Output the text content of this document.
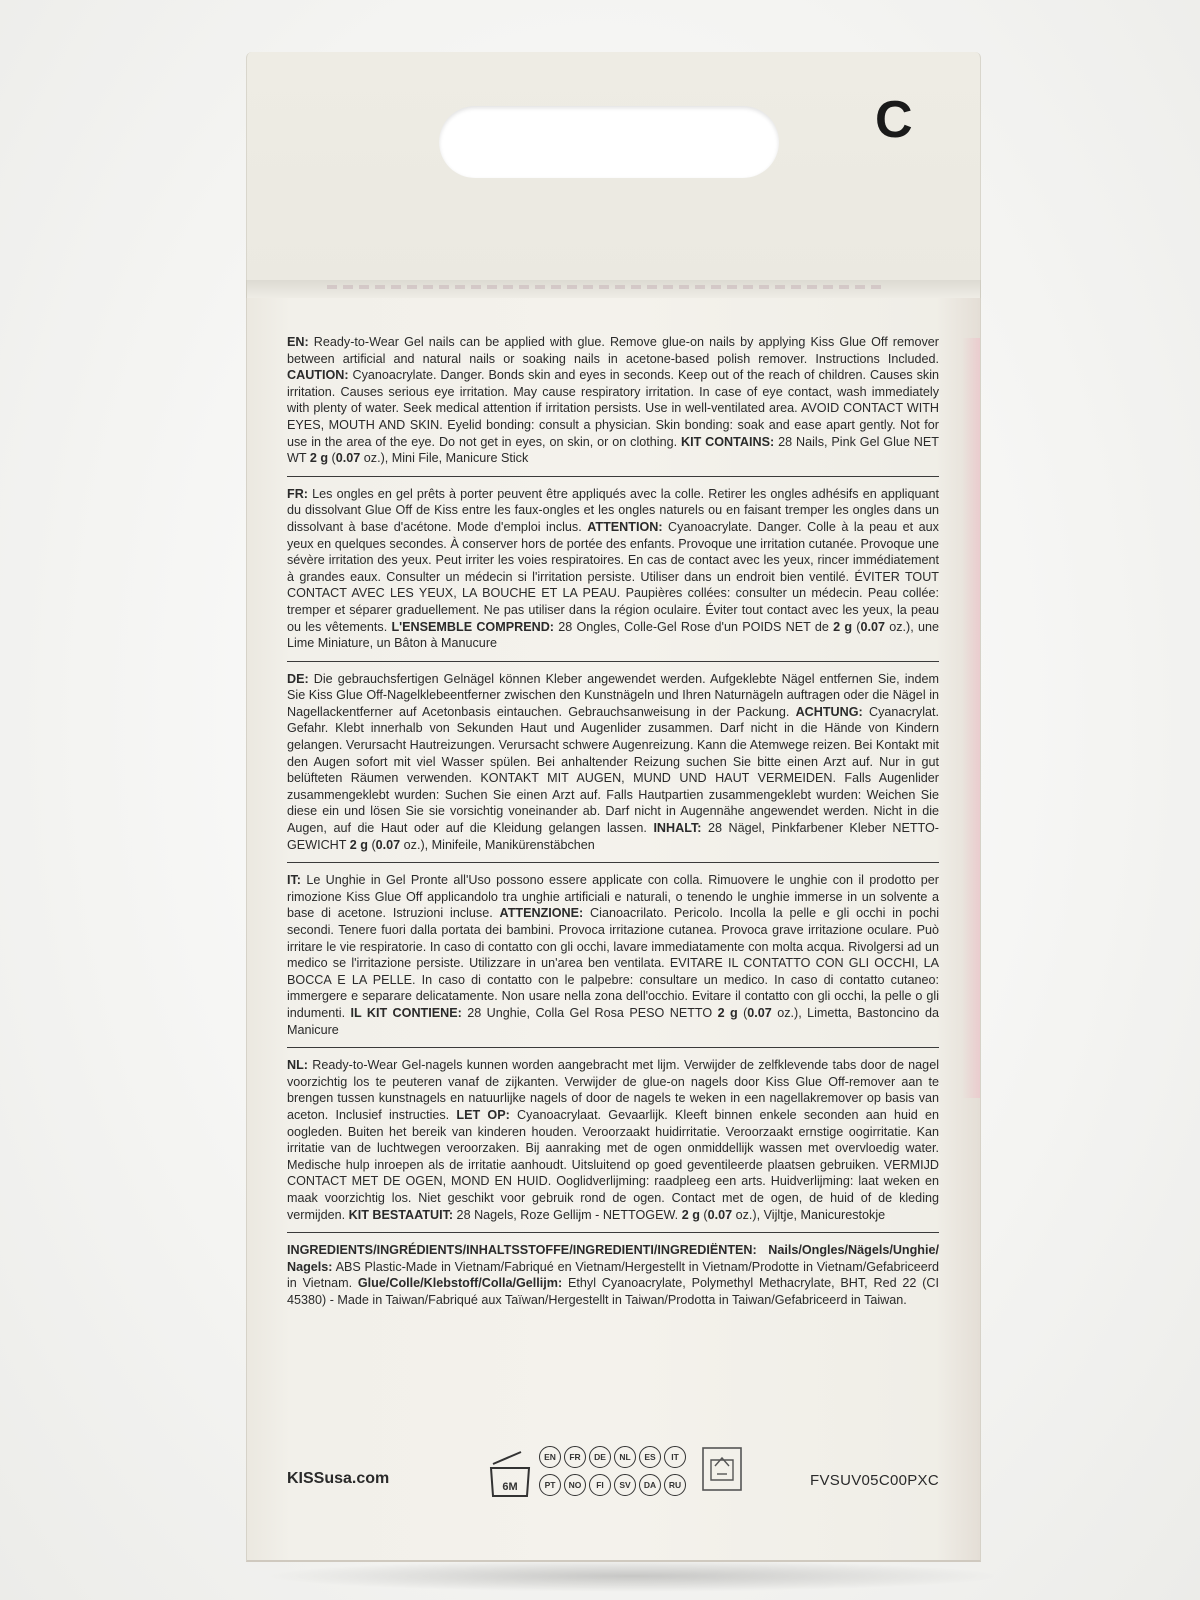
C
EN: Ready-to-Wear Gel nails can be applied with glue. Remove glue-on nails by applying Kiss Glue Off remover between artificial and natural nails or soaking nails in acetone-based polish remover. Instructions Included. CAUTION: Cyanoacrylate. Danger. Bonds skin and eyes in seconds. Keep out of the reach of children. Causes skin irritation. Causes serious eye irritation. May cause respiratory irritation. In case of eye contact, wash immediately with plenty of water. Seek medical attention if irritation persists. Use in well-ventilated area. AVOID CONTACT WITH EYES, MOUTH AND SKIN. Eyelid bonding: consult a physician. Skin bonding: soak and ease apart gently. Not for use in the area of the eye. Do not get in eyes, on skin, or on clothing. KIT CONTAINS: 28 Nails, Pink Gel Glue NET WT 2 g (0.07 oz.), Mini File, Manicure Stick
FR: Les ongles en gel prêts à porter peuvent être appliqués avec la colle. Retirer les ongles adhésifs en appliquant du dissolvant Glue Off de Kiss entre les faux-ongles et les ongles naturels ou en faisant tremper les ongles dans un dissolvant à base d'acétone. Mode d'emploi inclus. ATTENTION: Cyanoacrylate. Danger. Colle à la peau et aux yeux en quelques secondes. À conserver hors de portée des enfants. Provoque une irritation cutanée. Provoque une sévère irritation des yeux. Peut irriter les voies respiratoires. En cas de contact avec les yeux, rincer immédiatement à grandes eaux. Consulter un médecin si l'irritation persiste. Utiliser dans un endroit bien ventilé. ÉVITER TOUT CONTACT AVEC LES YEUX, LA BOUCHE ET LA PEAU. Paupières collées: consulter un médecin. Peau collée: tremper et séparer graduellement. Ne pas utiliser dans la région oculaire. Éviter tout contact avec les yeux, la peau ou les vêtements. L'ENSEMBLE COMPREND: 28 Ongles, Colle-Gel Rose d'un POIDS NET de 2 g (0.07 oz.), une Lime Miniature, un Bâton à Manucure
DE: Die gebrauchsfertigen Gelnägel können Kleber angewendet werden. Aufgeklebte Nägel entfernen Sie, indem Sie Kiss Glue Off-Nagelklebeentferner zwischen den Kunstnägeln und Ihren Naturnägeln auftragen oder die Nägel in Nagellackentferner auf Acetonbasis eintauchen. Gebrauchsanweisung in der Packung. ACHTUNG: Cyanacrylat. Gefahr. Klebt innerhalb von Sekunden Haut und Augenlider zusammen. Darf nicht in die Hände von Kindern gelangen. Verursacht Hautreizungen. Verursacht schwere Augenreizung. Kann die Atemwege reizen. Bei Kontakt mit den Augen sofort mit viel Wasser spülen. Bei anhaltender Reizung suchen Sie bitte einen Arzt auf. Nur in gut belüfteten Räumen verwenden. KONTAKT MIT AUGEN, MUND UND HAUT VERMEIDEN. Falls Augenlider zusammengeklebt wurden: Suchen Sie einen Arzt auf. Falls Hautpartien zusammengeklebt wurden: Weichen Sie diese ein und lösen Sie sie vorsichtig voneinander ab. Darf nicht in Augennähe angewendet werden. Nicht in die Augen, auf die Haut oder auf die Kleidung gelangen lassen. INHALT: 28 Nägel, Pinkfarbener Kleber NETTO-GEWICHT 2 g (0.07 oz.), Minifeile, Manikürenstäbchen
IT: Le Unghie in Gel Pronte all'Uso possono essere applicate con colla. Rimuovere le unghie con il prodotto per rimozione Kiss Glue Off applicandolo tra unghie artificiali e naturali, o tenendo le unghie immerse in un solvente a base di acetone. Istruzioni incluse. ATTENZIONE: Cianoacrilato. Pericolo. Incolla la pelle e gli occhi in pochi secondi. Tenere fuori dalla portata dei bambini. Provoca irritazione cutanea. Provoca grave irritazione oculare. Può irritare le vie respiratorie. In caso di contatto con gli occhi, lavare immediatamente con molta acqua. Rivolgersi ad un medico se l'irritazione persiste. Utilizzare in un'area ben ventilata. EVITARE IL CONTATTO CON GLI OCCHI, LA BOCCA E LA PELLE. In caso di contatto con le palpebre: consultare un medico. In caso di contatto cutaneo: immergere e separare delicatamente. Non usare nella zona dell'occhio. Evitare il contatto con gli occhi, la pelle o gli indumenti. IL KIT CONTIENE: 28 Unghie, Colla Gel Rosa PESO NETTO 2 g (0.07 oz.), Limetta, Bastoncino da Manicure
NL: Ready-to-Wear Gel-nagels kunnen worden aangebracht met lijm. Verwijder de zelfklevende tabs door de nagel voorzichtig los te peuteren vanaf de zijkanten. Verwijder de glue-on nagels door Kiss Glue Off-remover aan te brengen tussen kunstnagels en natuurlijke nagels of door de nagels te weken in een nagellakremover op basis van aceton. Inclusief instructies. LET OP: Cyanoacrylaat. Gevaarlijk. Kleeft binnen enkele seconden aan huid en oogleden. Buiten het bereik van kinderen houden. Veroorzaakt huidirritatie. Veroorzaakt ernstige oogirritatie. Kan irritatie van de luchtwegen veroorzaken. Bij aanraking met de ogen onmiddellijk wassen met overvloedig water. Medische hulp inroepen als de irritatie aanhoudt. Uitsluitend op goed geventileerde plaatsen gebruiken. VERMIJD CONTACT MET DE OGEN, MOND EN HUID. Ooglidverlijming: raadpleeg een arts. Huidverlijming: laat weken en maak voorzichtig los. Niet geschikt voor gebruik rond de ogen. Contact met de ogen, de huid of de kleding vermijden. KIT BESTAATUIT: 28 Nagels, Roze Gellijm - NETTOGEW. 2 g (0.07 oz.), Vijltje, Manicurestokje
INGREDIENTS/INGRÉDIENTS/INHALTSSTOFFE/INGREDIENTI/INGREDIËNTEN: Nails/Ongles/Nägels/Unghie/ Nagels: ABS Plastic-Made in Vietnam/Fabriqué en Vietnam/Hergestellt in Vietnam/Prodotte in Vietnam/Gefabriceerd in Vietnam. Glue/Colle/Klebstoff/Colla/Gellijm: Ethyl Cyanoacrylate, Polymethyl Methacrylate, BHT, Red 22 (CI 45380) - Made in Taiwan/Fabriqué aux Taïwan/Hergestellt in Taiwan/Prodotta in Taiwan/Gefabriceerd in Taiwan.
KISSusa.com	6M
EN	FR	DE	NL	ES	IT
PT	NO	FI	SV	DA	RU	FVSUV05C00PXC
